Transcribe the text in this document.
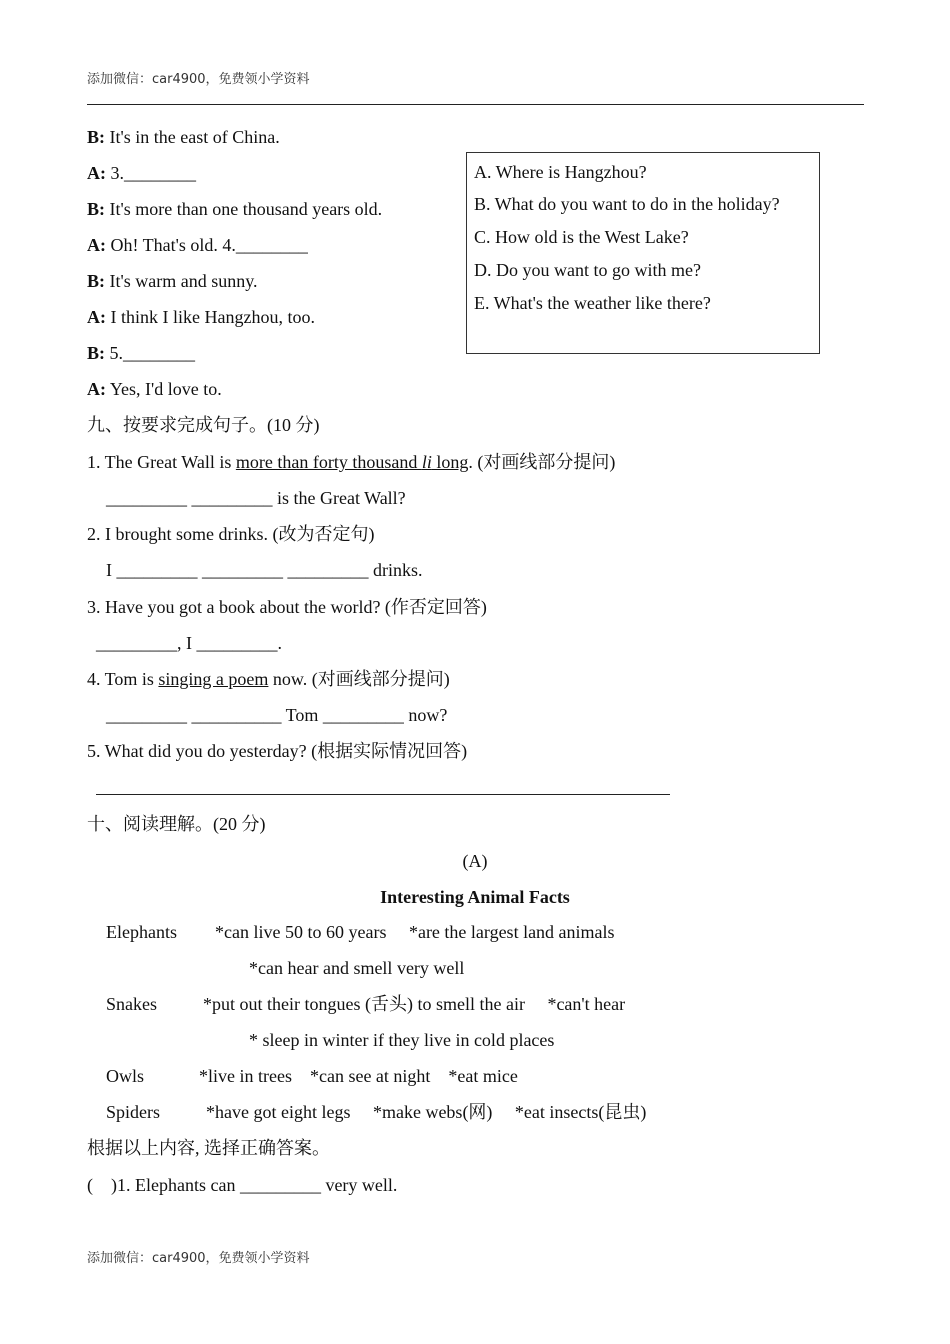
添加微信：car4900，免费领小学资料
B: It's in the east of China.
A: 3.________
B: It's more than one thousand years old.
A: Oh! That's old. 4.________
B: It's warm and sunny.
A: I think I like Hangzhou, too.
B: 5.________
A: Yes, I'd love to.
A. Where is Hangzhou?
B. What do you want to do in the holiday?
C. How old is the West Lake?
D. Do you want to go with me?
E. What's the weather like there?
九、按要求完成句子。(10 分)
1. The Great Wall is more than forty thousand li long. (对画线部分提问)
_________ _________ is the Great Wall?
2. I brought some drinks. (改为否定句)
I _________ _________ _________ drinks.
3. Have you got a book about the world? (作否定回答)
_________, I _________.
4. Tom is singing a poem now. (对画线部分提问)
_________ __________ Tom _________ now?
5. What did you do yesterday? (根据实际情况回答)
十、阅读理解。(20 分)
(A)
Interesting Animal Facts
Elephants *can live 50 to 60 years     *are the largest land animals
*can hear and smell very well
Snakes	*put out their tongues (舌头) to smell the air     *can't hear
* sleep in winter if they live in cold places
Owls	*live in trees    *can see at night    *eat mice
Spiders	*have got eight legs     *make webs(网)     *eat insects(昆虫)
根据以上内容, 选择正确答案。
(    )1. Elephants can _________ very well.
添加微信：car4900，免费领小学资料
